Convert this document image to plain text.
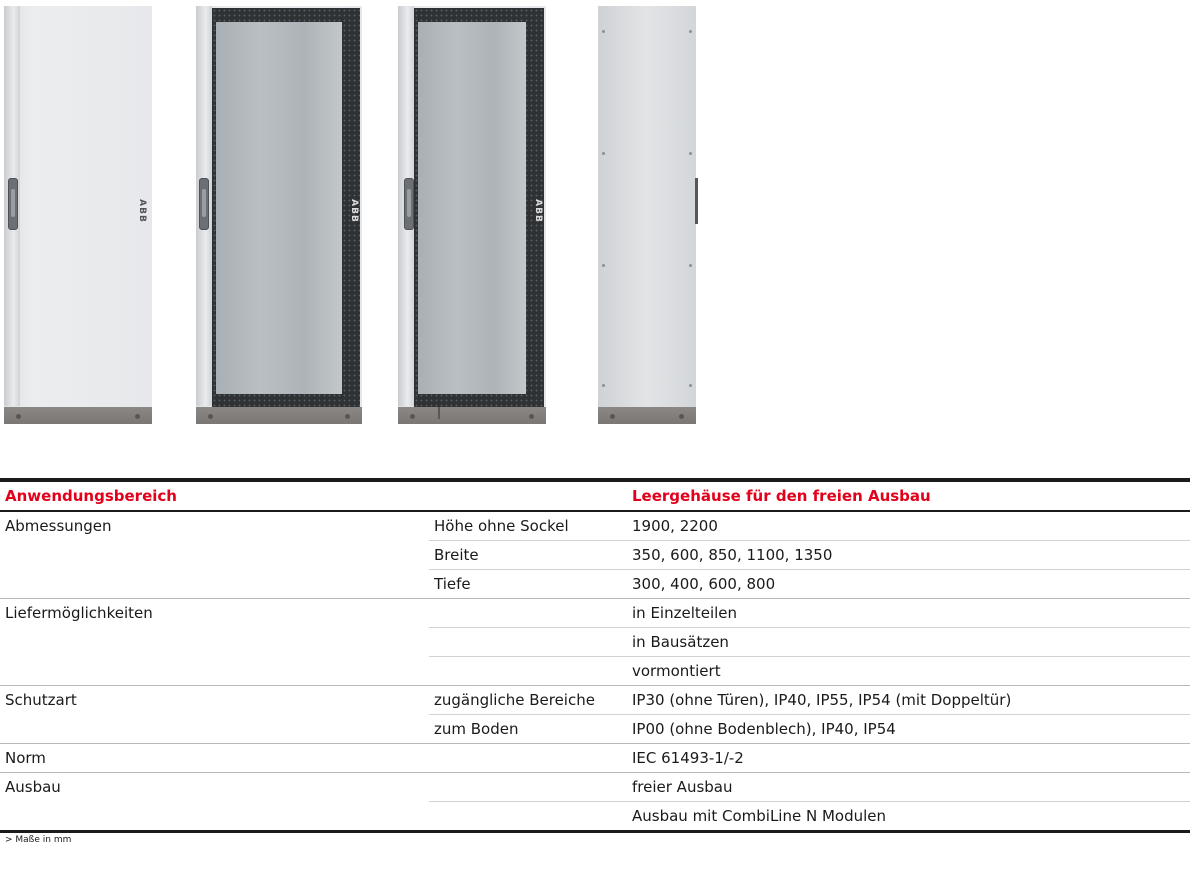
ABB	ABB	ABB
Anwendungsbereich		Leergehäuse für den freien Ausbau
Abmessungen	Höhe ohne Sockel	1900, 2200
	Breite	350, 600, 850, 1100, 1350
	Tiefe	300, 400, 600, 800
Liefermöglichkeiten		in Einzelteilen
		in Bausätzen
		vormontiert
Schutzart	zugängliche Bereiche	IP30 (ohne Türen), IP40, IP55, IP54 (mit Doppeltür)
	zum Boden	IP00 (ohne Bodenblech), IP40, IP54
Norm		IEC 61493-1/-2
Ausbau		freier Ausbau
		Ausbau mit CombiLine N Modulen
> Maße in mm
